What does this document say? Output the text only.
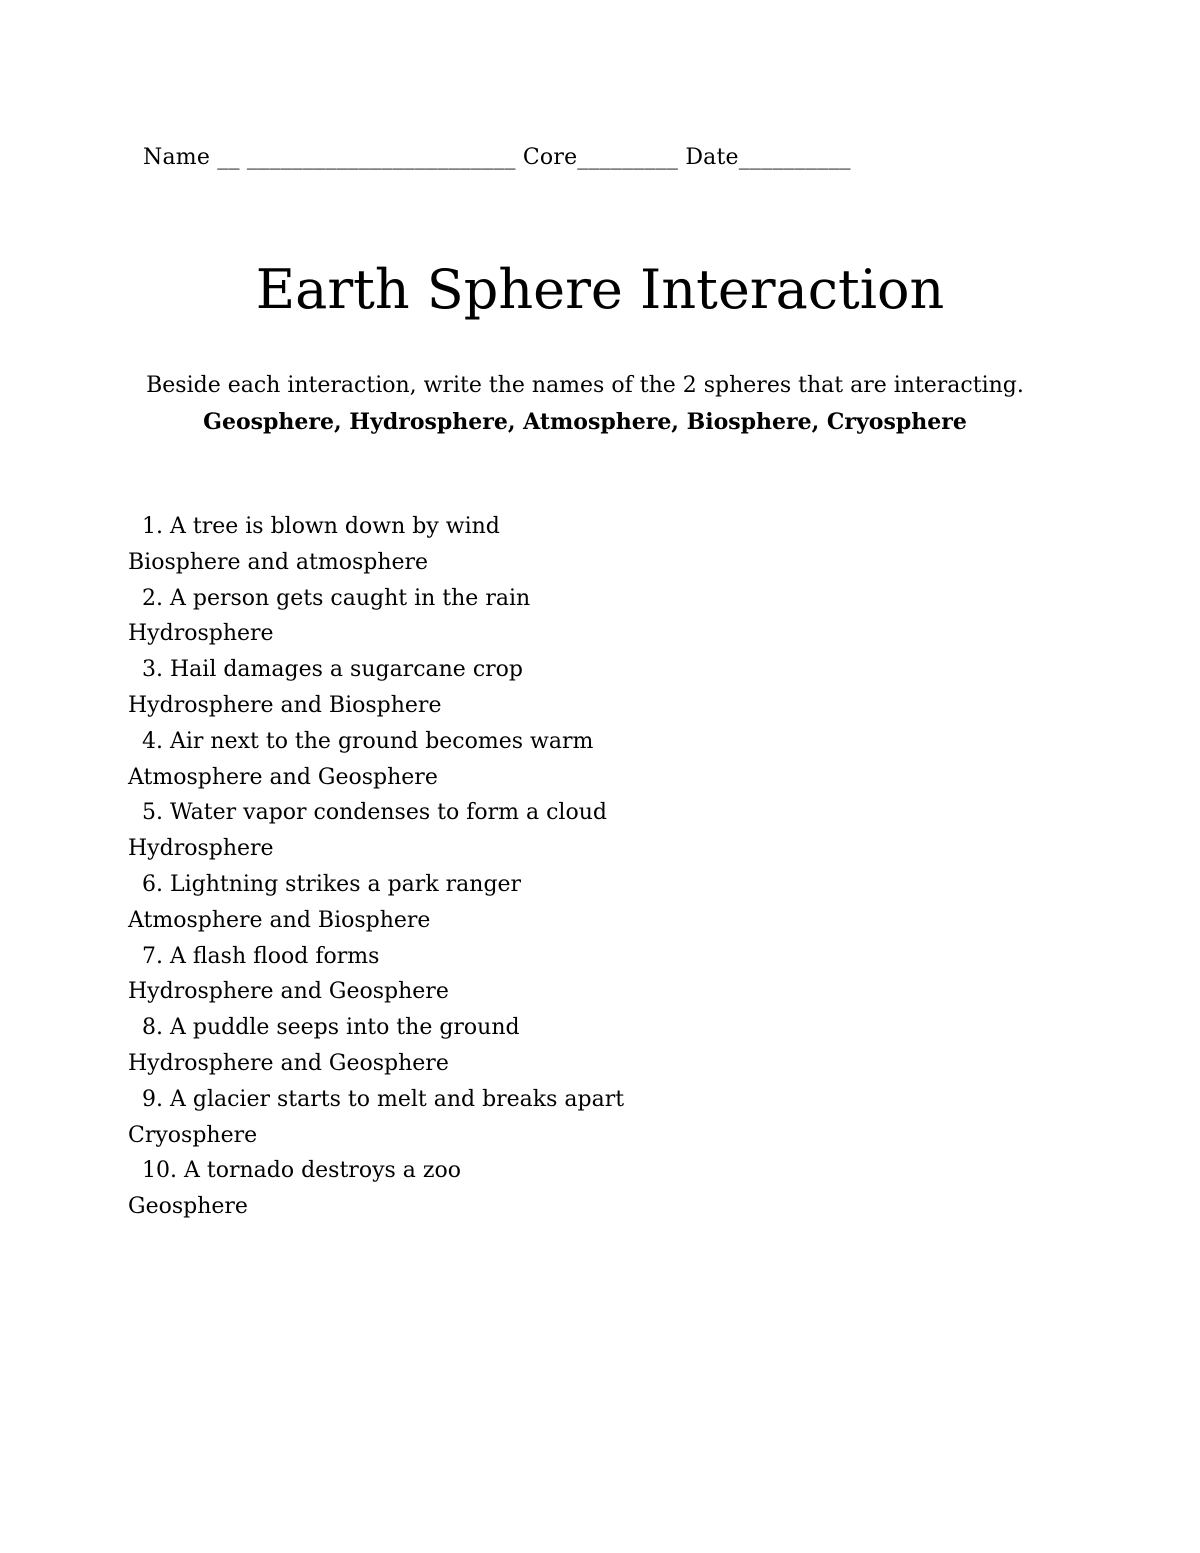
Name __ ________________________ Core_________ Date__________
Earth Sphere Interaction
Beside each interaction, write the names of the 2 spheres that are interacting.
Geosphere, Hydrosphere, Atmosphere, Biosphere, Cryosphere
1. A tree is blown down by wind
Biosphere and atmosphere
2. A person gets caught in the rain
Hydrosphere
3. Hail damages a sugarcane crop
Hydrosphere and Biosphere
4. Air next to the ground becomes warm
Atmosphere and Geosphere
5. Water vapor condenses to form a cloud
Hydrosphere
6. Lightning strikes a park ranger
Atmosphere and Biosphere
7. A flash flood forms
Hydrosphere and Geosphere
8. A puddle seeps into the ground
Hydrosphere and Geosphere
9. A glacier starts to melt and breaks apart
Cryosphere
10. A tornado destroys a zoo
Geosphere
